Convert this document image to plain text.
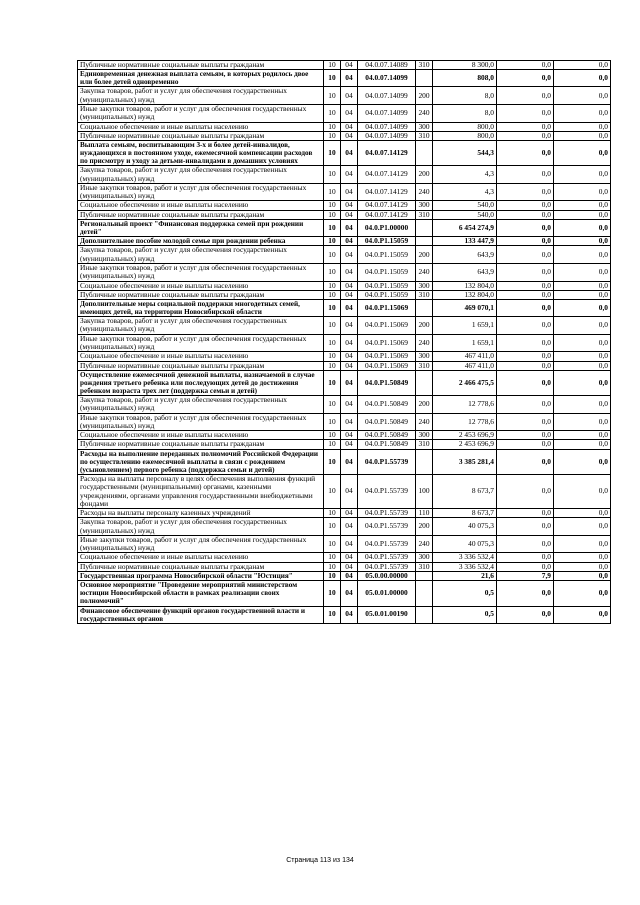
Публичные нормативные социальные выплаты гражданам	10	04	04.0.07.14089	310	8 300,0	0,0	0,0
Единовременная денежная выплата семьям, в которых родилось двое или более детей одновременно	10	04	04.0.07.14099		808,0	0,0	0,0
Закупка товаров, работ и услуг для обеспечения государственных (муниципальных) нужд	10	04	04.0.07.14099	200	8,0	0,0	0,0
Иные закупки товаров, работ и услуг для обеспечения государственных (муниципальных) нужд	10	04	04.0.07.14099	240	8,0	0,0	0,0
Социальное обеспечение и иные выплаты населению	10	04	04.0.07.14099	300	800,0	0,0	0,0
Публичные нормативные социальные выплаты гражданам	10	04	04.0.07.14099	310	800,0	0,0	0,0
Выплата семьям, воспитывающим 3-х и более детей-инвалидов, нуждающихся в постоянном уходе, ежемесячной компенсации расходов по присмотру и уходу за детьми-инвалидами в домашних условиях	10	04	04.0.07.14129		544,3	0,0	0,0
Закупка товаров, работ и услуг для обеспечения государственных (муниципальных) нужд	10	04	04.0.07.14129	200	4,3	0,0	0,0
Иные закупки товаров, работ и услуг для обеспечения государственных (муниципальных) нужд	10	04	04.0.07.14129	240	4,3	0,0	0,0
Социальное обеспечение и иные выплаты населению	10	04	04.0.07.14129	300	540,0	0,0	0,0
Публичные нормативные социальные выплаты гражданам	10	04	04.0.07.14129	310	540,0	0,0	0,0
Региональный проект "Финансовая поддержка семей при рождении детей"	10	04	04.0.P1.00000		6 454 274,9	0,0	0,0
Дополнительное пособие молодой семье при рождении ребенка	10	04	04.0.P1.15059		133 447,9	0,0	0,0
Закупка товаров, работ и услуг для обеспечения государственных (муниципальных) нужд	10	04	04.0.P1.15059	200	643,9	0,0	0,0
Иные закупки товаров, работ и услуг для обеспечения государственных (муниципальных) нужд	10	04	04.0.P1.15059	240	643,9	0,0	0,0
Социальное обеспечение и иные выплаты населению	10	04	04.0.P1.15059	300	132 804,0	0,0	0,0
Публичные нормативные социальные выплаты гражданам	10	04	04.0.P1.15059	310	132 804,0	0,0	0,0
Дополнительные меры социальной поддержки многодетных семей, имеющих детей, на территории Новосибирской области	10	04	04.0.P1.15069		469 070,1	0,0	0,0
Закупка товаров, работ и услуг для обеспечения государственных (муниципальных) нужд	10	04	04.0.P1.15069	200	1 659,1	0,0	0,0
Иные закупки товаров, работ и услуг для обеспечения государственных (муниципальных) нужд	10	04	04.0.P1.15069	240	1 659,1	0,0	0,0
Социальное обеспечение и иные выплаты населению	10	04	04.0.P1.15069	300	467 411,0	0,0	0,0
Публичные нормативные социальные выплаты гражданам	10	04	04.0.P1.15069	310	467 411,0	0,0	0,0
Осуществление ежемесячной денежной выплаты, назначаемой в случае рождения третьего ребенка или последующих детей до достижения ребенком возраста трех лет (поддержка семьи и детей)	10	04	04.0.P1.50849		2 466 475,5	0,0	0,0
Закупка товаров, работ и услуг для обеспечения государственных (муниципальных) нужд	10	04	04.0.P1.50849	200	12 778,6	0,0	0,0
Иные закупки товаров, работ и услуг для обеспечения государственных (муниципальных) нужд	10	04	04.0.P1.50849	240	12 778,6	0,0	0,0
Социальное обеспечение и иные выплаты населению	10	04	04.0.P1.50849	300	2 453 696,9	0,0	0,0
Публичные нормативные социальные выплаты гражданам	10	04	04.0.P1.50849	310	2 453 696,9	0,0	0,0
Расходы на выполнение переданных полномочий Российской Федерации по осуществлению ежемесячной выплаты в связи с рождением (усыновлением) первого ребенка (поддержка семьи и детей)	10	04	04.0.P1.55739		3 385 281,4	0,0	0,0
Расходы на выплаты персоналу в целях обеспечения выполнения функций государственными (муниципальными) органами, казенными учреждениями, органами управления государственными внебюджетными фондами	10	04	04.0.P1.55739	100	8 673,7	0,0	0,0
Расходы на выплаты персоналу казенных учреждений	10	04	04.0.P1.55739	110	8 673,7	0,0	0,0
Закупка товаров, работ и услуг для обеспечения государственных (муниципальных) нужд	10	04	04.0.P1.55739	200	40 075,3	0,0	0,0
Иные закупки товаров, работ и услуг для обеспечения государственных (муниципальных) нужд	10	04	04.0.P1.55739	240	40 075,3	0,0	0,0
Социальное обеспечение и иные выплаты населению	10	04	04.0.P1.55739	300	3 336 532,4	0,0	0,0
Публичные нормативные социальные выплаты гражданам	10	04	04.0.P1.55739	310	3 336 532,4	0,0	0,0
Государственная программа Новосибирской области "Юстиция"	10	04	05.0.00.00000		21,6	7,9	0,0
Основное мероприятие "Проведение мероприятий министерством юстиции Новосибирской области в рамках реализации своих полномочий"	10	04	05.0.01.00000		0,5	0,0	0,0
Финансовое обеспечение функций органов государственной власти и государственных органов	10	04	05.0.01.00190		0,5	0,0	0,0
Страница 113 из 134
